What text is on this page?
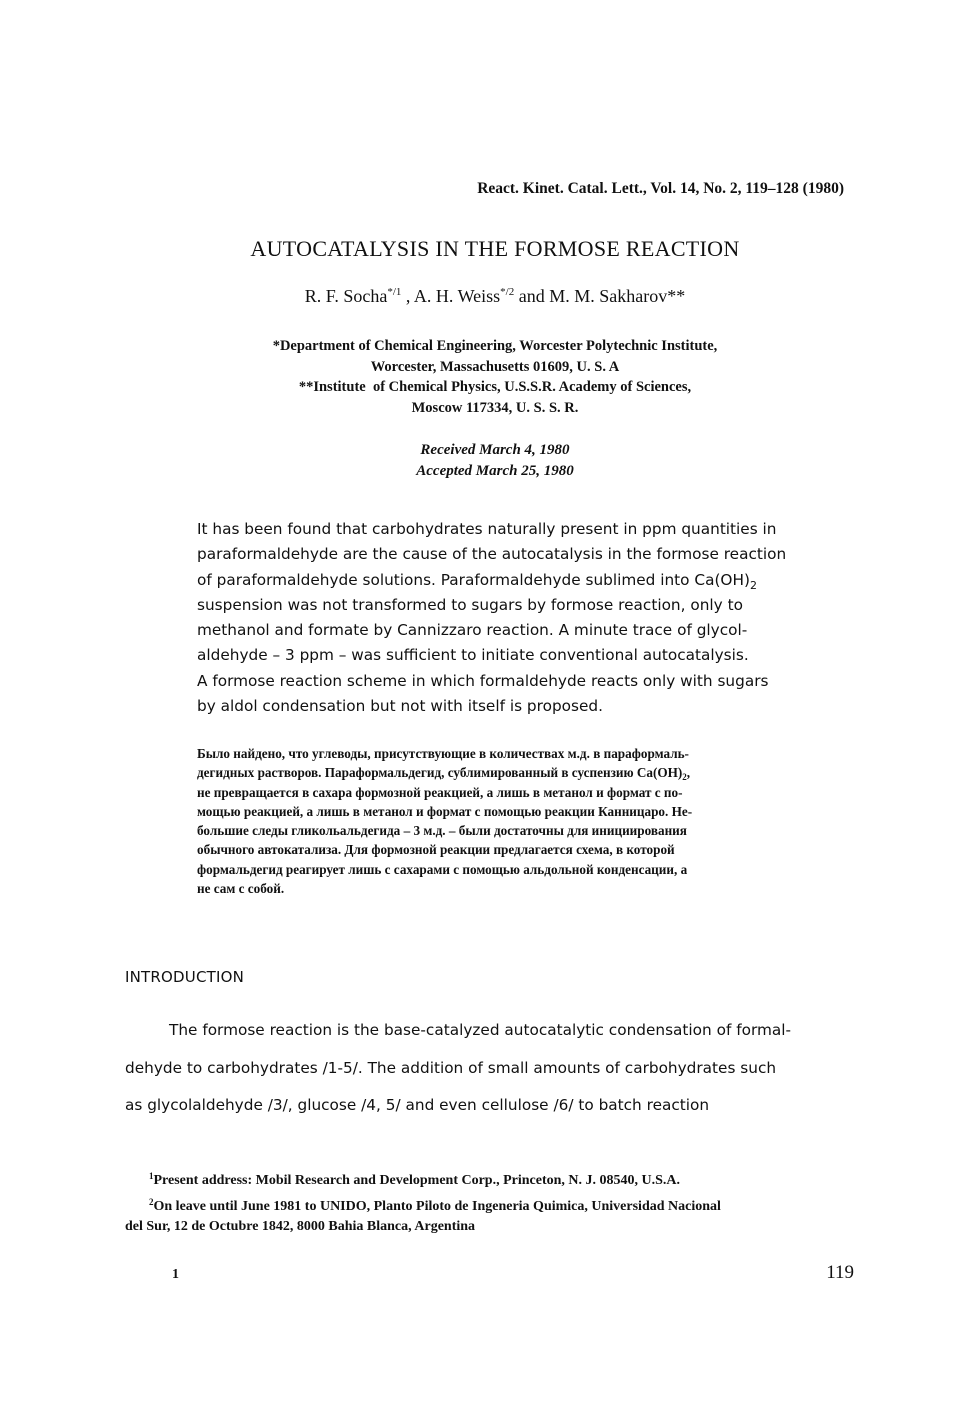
React. Kinet. Catal. Lett., Vol. 14, No. 2, 119–128 (1980)
AUTOCATALYSIS IN THE FORMOSE REACTION
R. F. Socha$^{*/1}$ , A. H. Weiss$^{*/2}$ and M. M. Sakharov**
*Department of Chemical Engineering, Worcester Polytechnic Institute,
Worcester, Massachusetts 01609, U. S. A
**Institute  of Chemical Physics, U.S.S.R. Academy of Sciences,
Moscow 117334, U. S. S. R.
Received March 4, 1980
Accepted March 25, 1980
It has been found that carbohydrates naturally present in ppm quantities in
paraformaldehyde are the cause of the autocatalysis in the formose reaction
of paraformaldehyde solutions. Paraformaldehyde sublimed into $Ca(OH)_2$
suspension was not transformed to sugars by formose reaction, only to
methanol and formate by Cannizzaro reaction. A minute trace of glycol-
aldehyde – 3 ppm – was sufficient to initiate conventional autocatalysis.
A formose reaction scheme in which formaldehyde reacts only with sugars
by aldol condensation but not with itself is proposed.
Было найдено, что углеводы, присутствующие в количествах м.д. в параформаль-
дегидных растворов. Параформальдегид, сублимированный в суспензию $Ca(OH)_2$,
не превращается в сахара формозной реакцией, а лишь в метанол и формат с по-
мощью реакцией, а лишь в метанол и формат с помощью реакции Канницаро. Не-
большие следы гликольальдегида – 3 м.д. – были достаточны для инициирования
обычного автокатализа. Для формозной реакции предлагается схема, в которой
формальдегид реагирует лишь с сахарами с помощью альдольной конденсации, а
не сам с собой.
INTRODUCTION
The formose reaction is the base-catalyzed autocatalytic condensation of formal-
dehyde to carbohydrates /1-5/. The addition of small amounts of carbohydrates such
as glycolaldehyde /3/, glucose /4, 5/ and even cellulose /6/ to batch reaction
$^1$Present address: Mobil Research and Development Corp., Princeton, N. J. 08540, U.S.A.
$^2$On leave until June 1981 to UNIDO, Planto Piloto de Ingeneria Quimica, Universidad Nacional
del Sur, 12 de Octubre 1842, 8000 Bahia Blanca, Argentina
1	119
